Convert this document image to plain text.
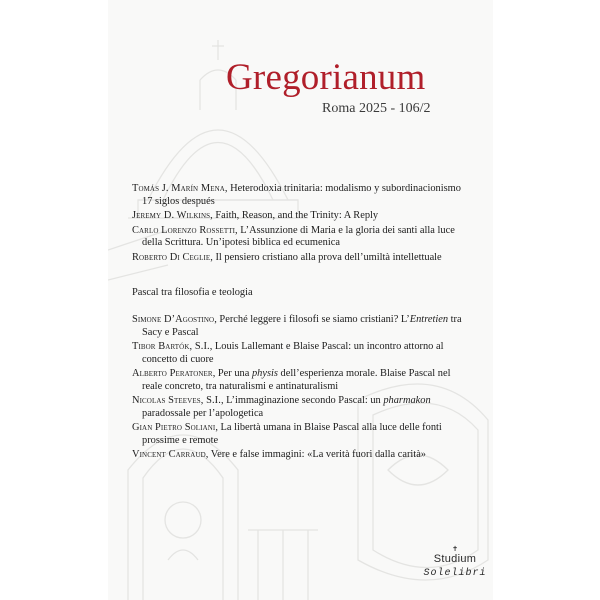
Gregorianum
Roma 2025 - 106/2
Tomás J. Marín Mena, Heterodoxia trinitaria: modalismo y subordinacionismo 17 siglos después
Jeremy D. Wilkins, Faith, Reason, and the Trinity: A Reply
Carlo Lorenzo Rossetti, L’Assunzione di Maria e la gloria dei santi alla luce della Scrittura. Un’ipotesi biblica ed ecumenica
Roberto Di Ceglie, Il pensiero cristiano alla prova dell’umiltà intellettuale
Pascal tra filosofia e teologia
Simone D’Agostino, Perché leggere i filosofi se siamo cristiani? L’Entretien tra Sacy e Pascal
Tibor Bartók, S.I., Louis Lallemant e Blaise Pascal: un incontro attorno al concetto di cuore
Alberto Peratoner, Per una physis dell’esperienza morale. Blaise Pascal nel reale concreto, tra naturalismi e antinaturalismi
Nicolas Steeves, S.I., L’immaginazione secondo Pascal: un pharmakon paradossale per l’apologetica
Gian Pietro Soliani, La libertà umana in Blaise Pascal alla luce delle fonti prossime e remote
Vincent Carraud, Vere e false immagini: «La verità fuori dalla carità»
✝
Studium
Solelibri
